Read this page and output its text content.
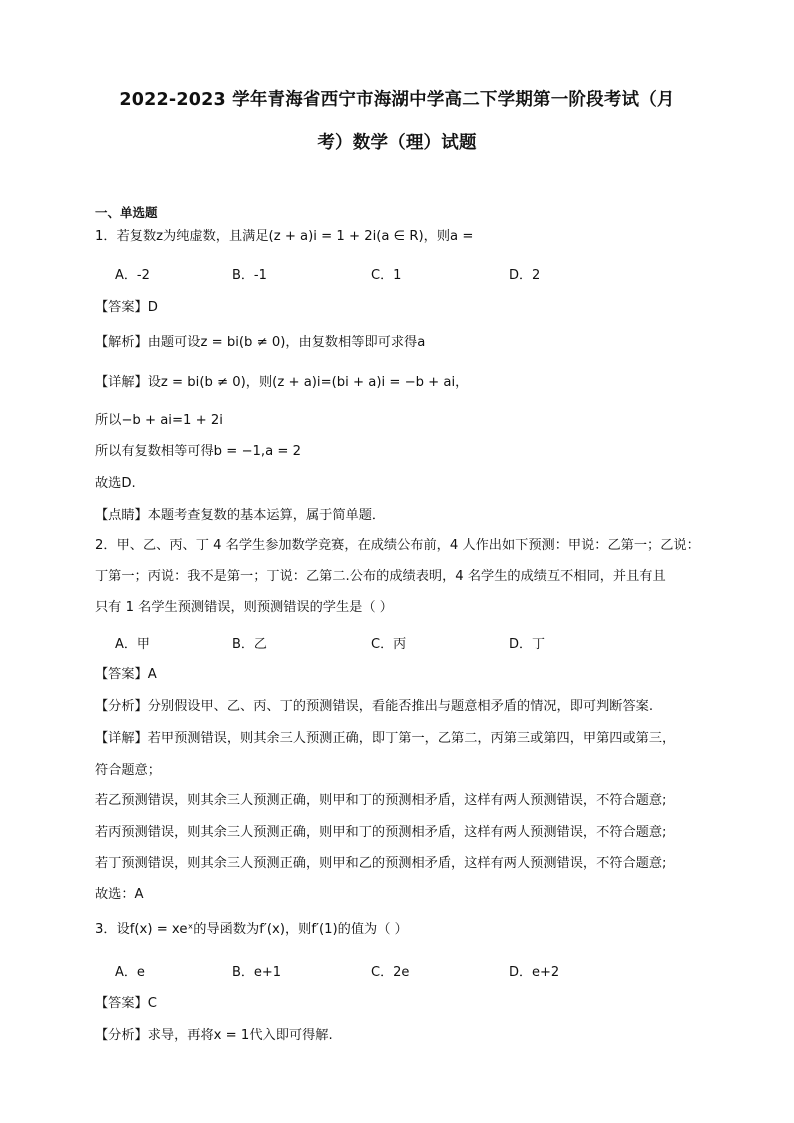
2022-2023 学年青海省西宁市海湖中学高二下学期第一阶段考试（月
考）数学（理）试题
一、单选题
1．若复数z为纯虚数，且满足(z + a)i = 1 + 2i(a ∈ R)，则a =
A．-2	B．-1	C．1	D．2
【答案】D
【解析】由题可设z = bi(b ≠ 0)，由复数相等即可求得a
【详解】设z = bi(b ≠ 0)，则(z + a)i=(bi + a)i = −b + ai，
所以−b + ai=1 + 2i
所以有复数相等可得b = −1,a = 2
故选D.
【点睛】本题考查复数的基本运算，属于简单题．
2．甲、乙、丙、丁 4 名学生参加数学竞赛，在成绩公布前，4 人作出如下预测：甲说：乙第一；乙说：
丁第一；丙说：我不是第一；丁说：乙第二.公布的成绩表明，4 名学生的成绩互不相同，并且有且
只有 1 名学生预测错误，则预测错误的学生是（ ）
A．甲	B．乙	C．丙	D．丁
【答案】A
【分析】分别假设甲、乙、丙、丁的预测错误，看能否推出与题意相矛盾的情况，即可判断答案.
【详解】若甲预测错误，则其余三人预测正确，即丁第一，乙第二，丙第三或第四，甲第四或第三，
符合题意；
若乙预测错误，则其余三人预测正确，则甲和丁的预测相矛盾，这样有两人预测错误，不符合题意;
若丙预测错误，则其余三人预测正确，则甲和丁的预测相矛盾，这样有两人预测错误，不符合题意;
若丁预测错误，则其余三人预测正确，则甲和乙的预测相矛盾，这样有两人预测错误，不符合题意;
故选：A
3．设f(x) = xeˣ的导函数为f′(x)，则f′(1)的值为（ ）
A．e	B．e+1	C．2e	D．e+2
【答案】C
【分析】求导，再将x = 1代入即可得解.
